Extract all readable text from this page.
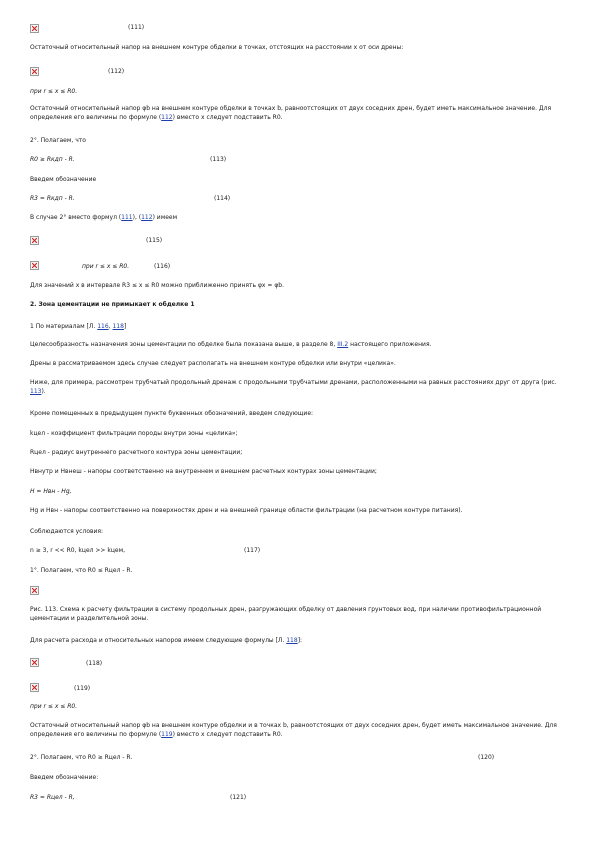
(111)
Остаточный относительный напор на внешнем контуре обделки в точках, отстоящих на расстоянии x от оси дрены:
(112)
при r ≤ x ≤ R0.
Остаточный относительный напор φb на внешнем контуре обделки в точках b, равноотстоящих от двух соседних дрен, будет иметь максимальное значение. Для определения его величины по формуле (112) вместо x следует подставить R0.
2°. Полагаем, что
R0 ≥ Rкдп - R.	(113)
Введем обозначение
R3 = Rкдп - R.	(114)
В случае 2° вместо формул (111), (112) имеем
(115)
при r ≤ x ≤ R0.	(116)
Для значений x в интервале R3 ≤ x ≤ R0 можно приближенно принять φx = φb.
2. Зона цементации не примыкает к обделке 1
1 По материалам [Л. 116, 118]
Целесообразность назначения зоны цементации по обделке была показана выше, в разделе 8, III.2 настоящего приложения.
Дрены в рассматриваемом здесь случае следует располагать на внешнем контуре обделки или внутри «целика».
Ниже, для примера, рассмотрен трубчатый продольный дренаж с продольными трубчатыми дренами, расположенными на равных расстояниях друг от друга (рис. 113).
Кроме помещенных в предыдущем пункте буквенных обозначений, введем следующие:
kцел - коэффициент фильтрации породы внутри зоны «целика»;
Rцел - радиус внутреннего расчетного контура зоны цементации;
Hвнутр и Hвнеш - напоры соответственно на внутреннем и внешнем расчетных контурах зоны цементации;
H = Hвн - Hg,
Hg и Hвн - напоры соответственно на поверхностях дрен и на внешней границе области фильтрации (на расчетном контуре питания).
Соблюдаются условия:
n ≥ 3, r << R0, kцел >> kцем,	(117)
1°. Полагаем, что R0 ≤ Rцел - R.
Рис. 113. Схема к расчету фильтрации в систему продольных дрен, разгружающих обделку от давления грунтовых вод, при наличии противофильтрационной цементации и разделительной зоны.
Для расчета расхода и относительных напоров имеем следующие формулы [Л. 118]:
(118)
(119)
при r ≤ x ≤ R0.
Остаточный относительный напор φb на внешнем контуре обделки и в точках b, равноотстоящих от двух соседних дрен, будет иметь максимальное значение. Для определения его величины по формуле (119) вместо x следует подставить R0.
2°. Полагаем, что R0 ≥ Rцел - R.	(120)
Введем обозначение:
R3 = Rцел - R,	(121)
